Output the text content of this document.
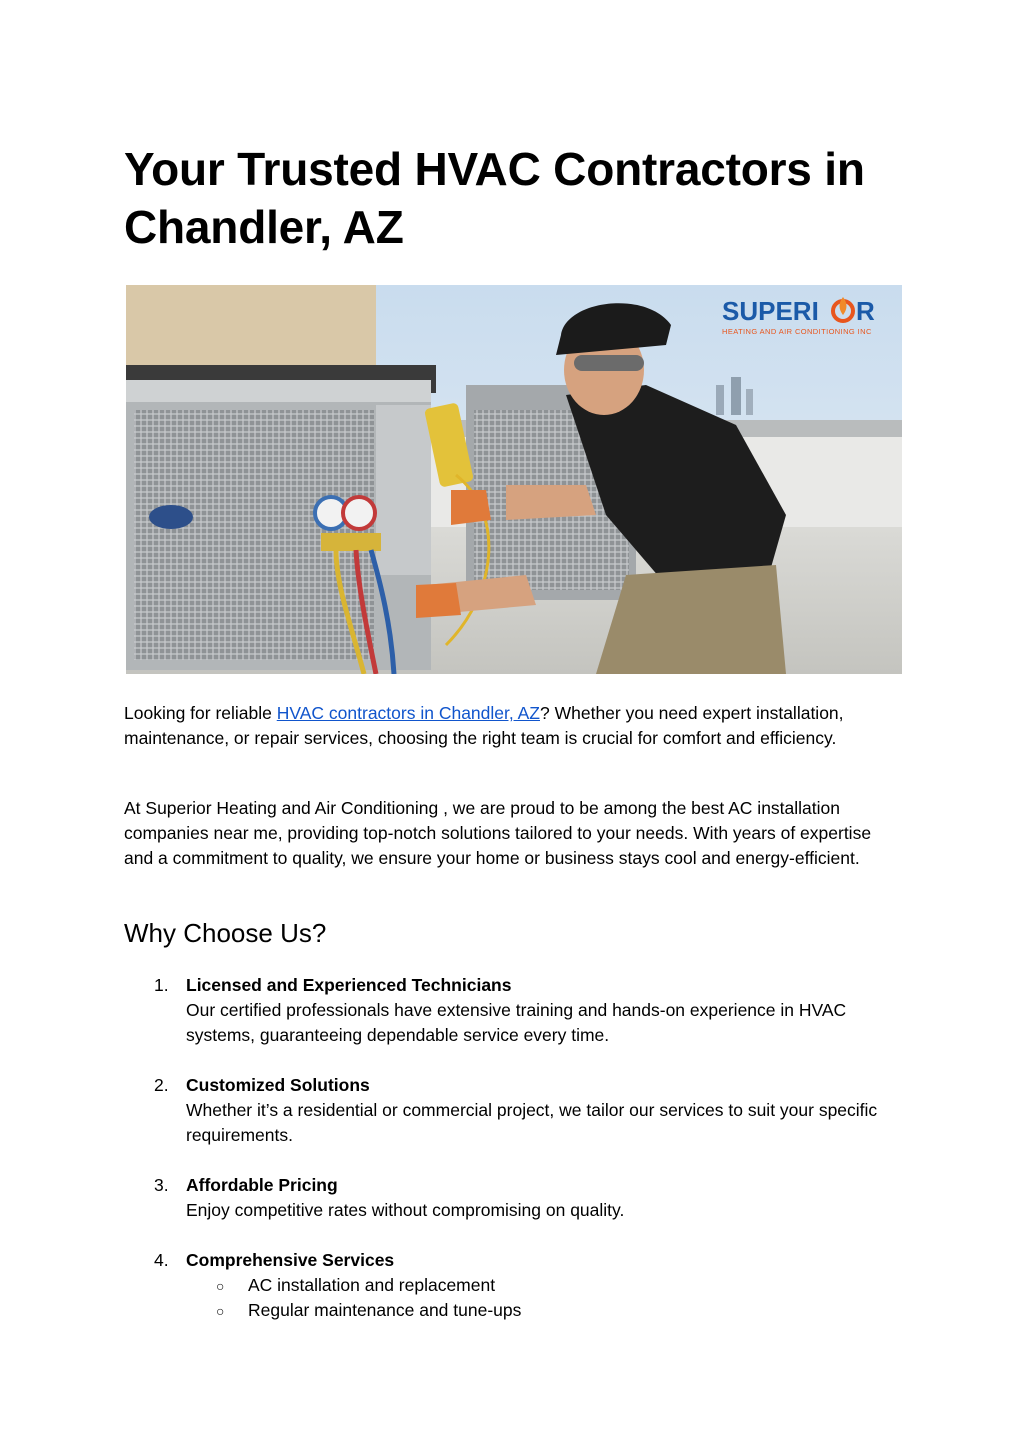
Your Trusted HVAC Contractors in
Chandler, AZ
SUPERI R
HEATING AND AIR CONDITIONING INC

Looking for reliable HVAC contractors in Chandler, AZ? Whether you need expert installation, maintenance, or repair services, choosing the right team is crucial for comfort and efficiency.

At Superior Heating and Air Conditioning , we are proud to be among the best AC installation companies near me, providing top-notch solutions tailored to your needs. With years of expertise and a commitment to quality, we ensure your home or business stays cool and energy-efficient.

Why Choose Us?
1. Licensed and Experienced Technicians
Our certified professionals have extensive training and hands-on experience in HVAC systems, guaranteeing dependable service every time.
2. Customized Solutions
Whether it’s a residential or commercial project, we tailor our services to suit your specific requirements.
3. Affordable Pricing
Enjoy competitive rates without compromising on quality.
4. Comprehensive Services
○ AC installation and replacement
○ Regular maintenance and tune-ups
